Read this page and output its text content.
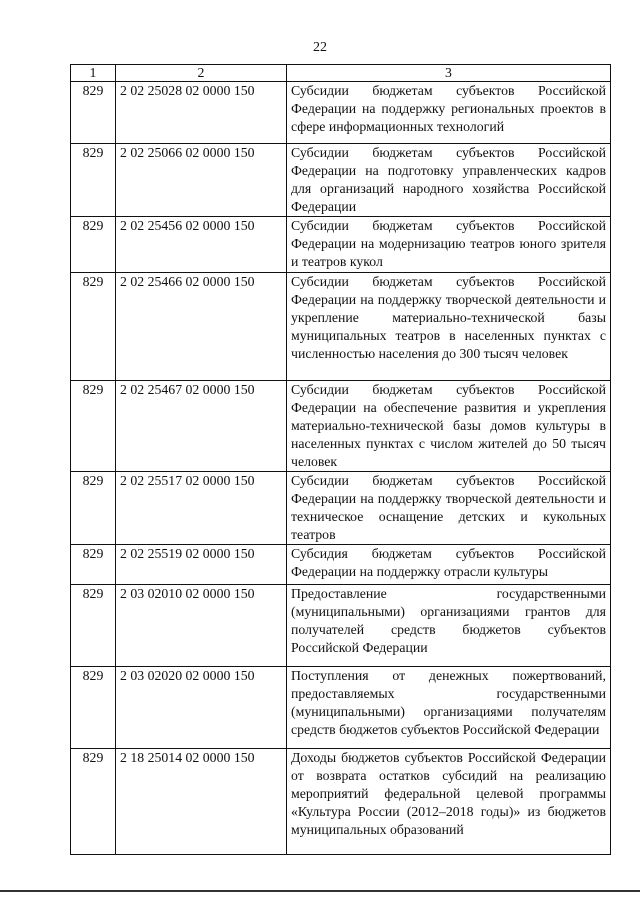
22
1	2	3
829	2 02 25028 02 0000 150	Субсидии бюджетам субъектов Российской Федерации на поддержку региональных проектов в сфере информационных технологий
829	2 02 25066 02 0000 150	Субсидии бюджетам субъектов Российской Федерации на подготовку управленческих кадров для организаций народного хозяйства Российской Федерации
829	2 02 25456 02 0000 150	Субсидии бюджетам субъектов Российской Федерации на модернизацию театров юного зрителя и театров кукол
829	2 02 25466 02 0000 150	Субсидии бюджетам субъектов Российской Федерации на поддержку творческой деятельности и укрепление материально-технической базы муниципальных театров в населенных пунктах с численностью населения до 300 тысяч человек
829	2 02 25467 02 0000 150	Субсидии бюджетам субъектов Российской Федерации на обеспечение развития и укрепления материально-технической базы домов культуры в населенных пунктах с числом жителей до 50 тысяч человек
829	2 02 25517 02 0000 150	Субсидии бюджетам субъектов Российской Федерации на поддержку творческой деятельности и техническое оснащение детских и кукольных театров
829	2 02 25519 02 0000 150	Субсидия бюджетам субъектов Российской Федерации на поддержку отрасли культуры
829	2 03 02010 02 0000 150	Предоставление государственными (муниципальными) организациями грантов для получателей средств бюджетов субъектов Российской Федерации
829	2 03 02020 02 0000 150	Поступления от денежных пожертвований, предоставляемых государственными (муниципальными) организациями получателям средств бюджетов субъектов Российской Федерации
829	2 18 25014 02 0000 150	Доходы бюджетов субъектов Российской Федерации от возврата остатков субсидий на реализацию мероприятий федеральной целевой программы «Культура России (2012–2018 годы)» из бюджетов муниципальных образований
